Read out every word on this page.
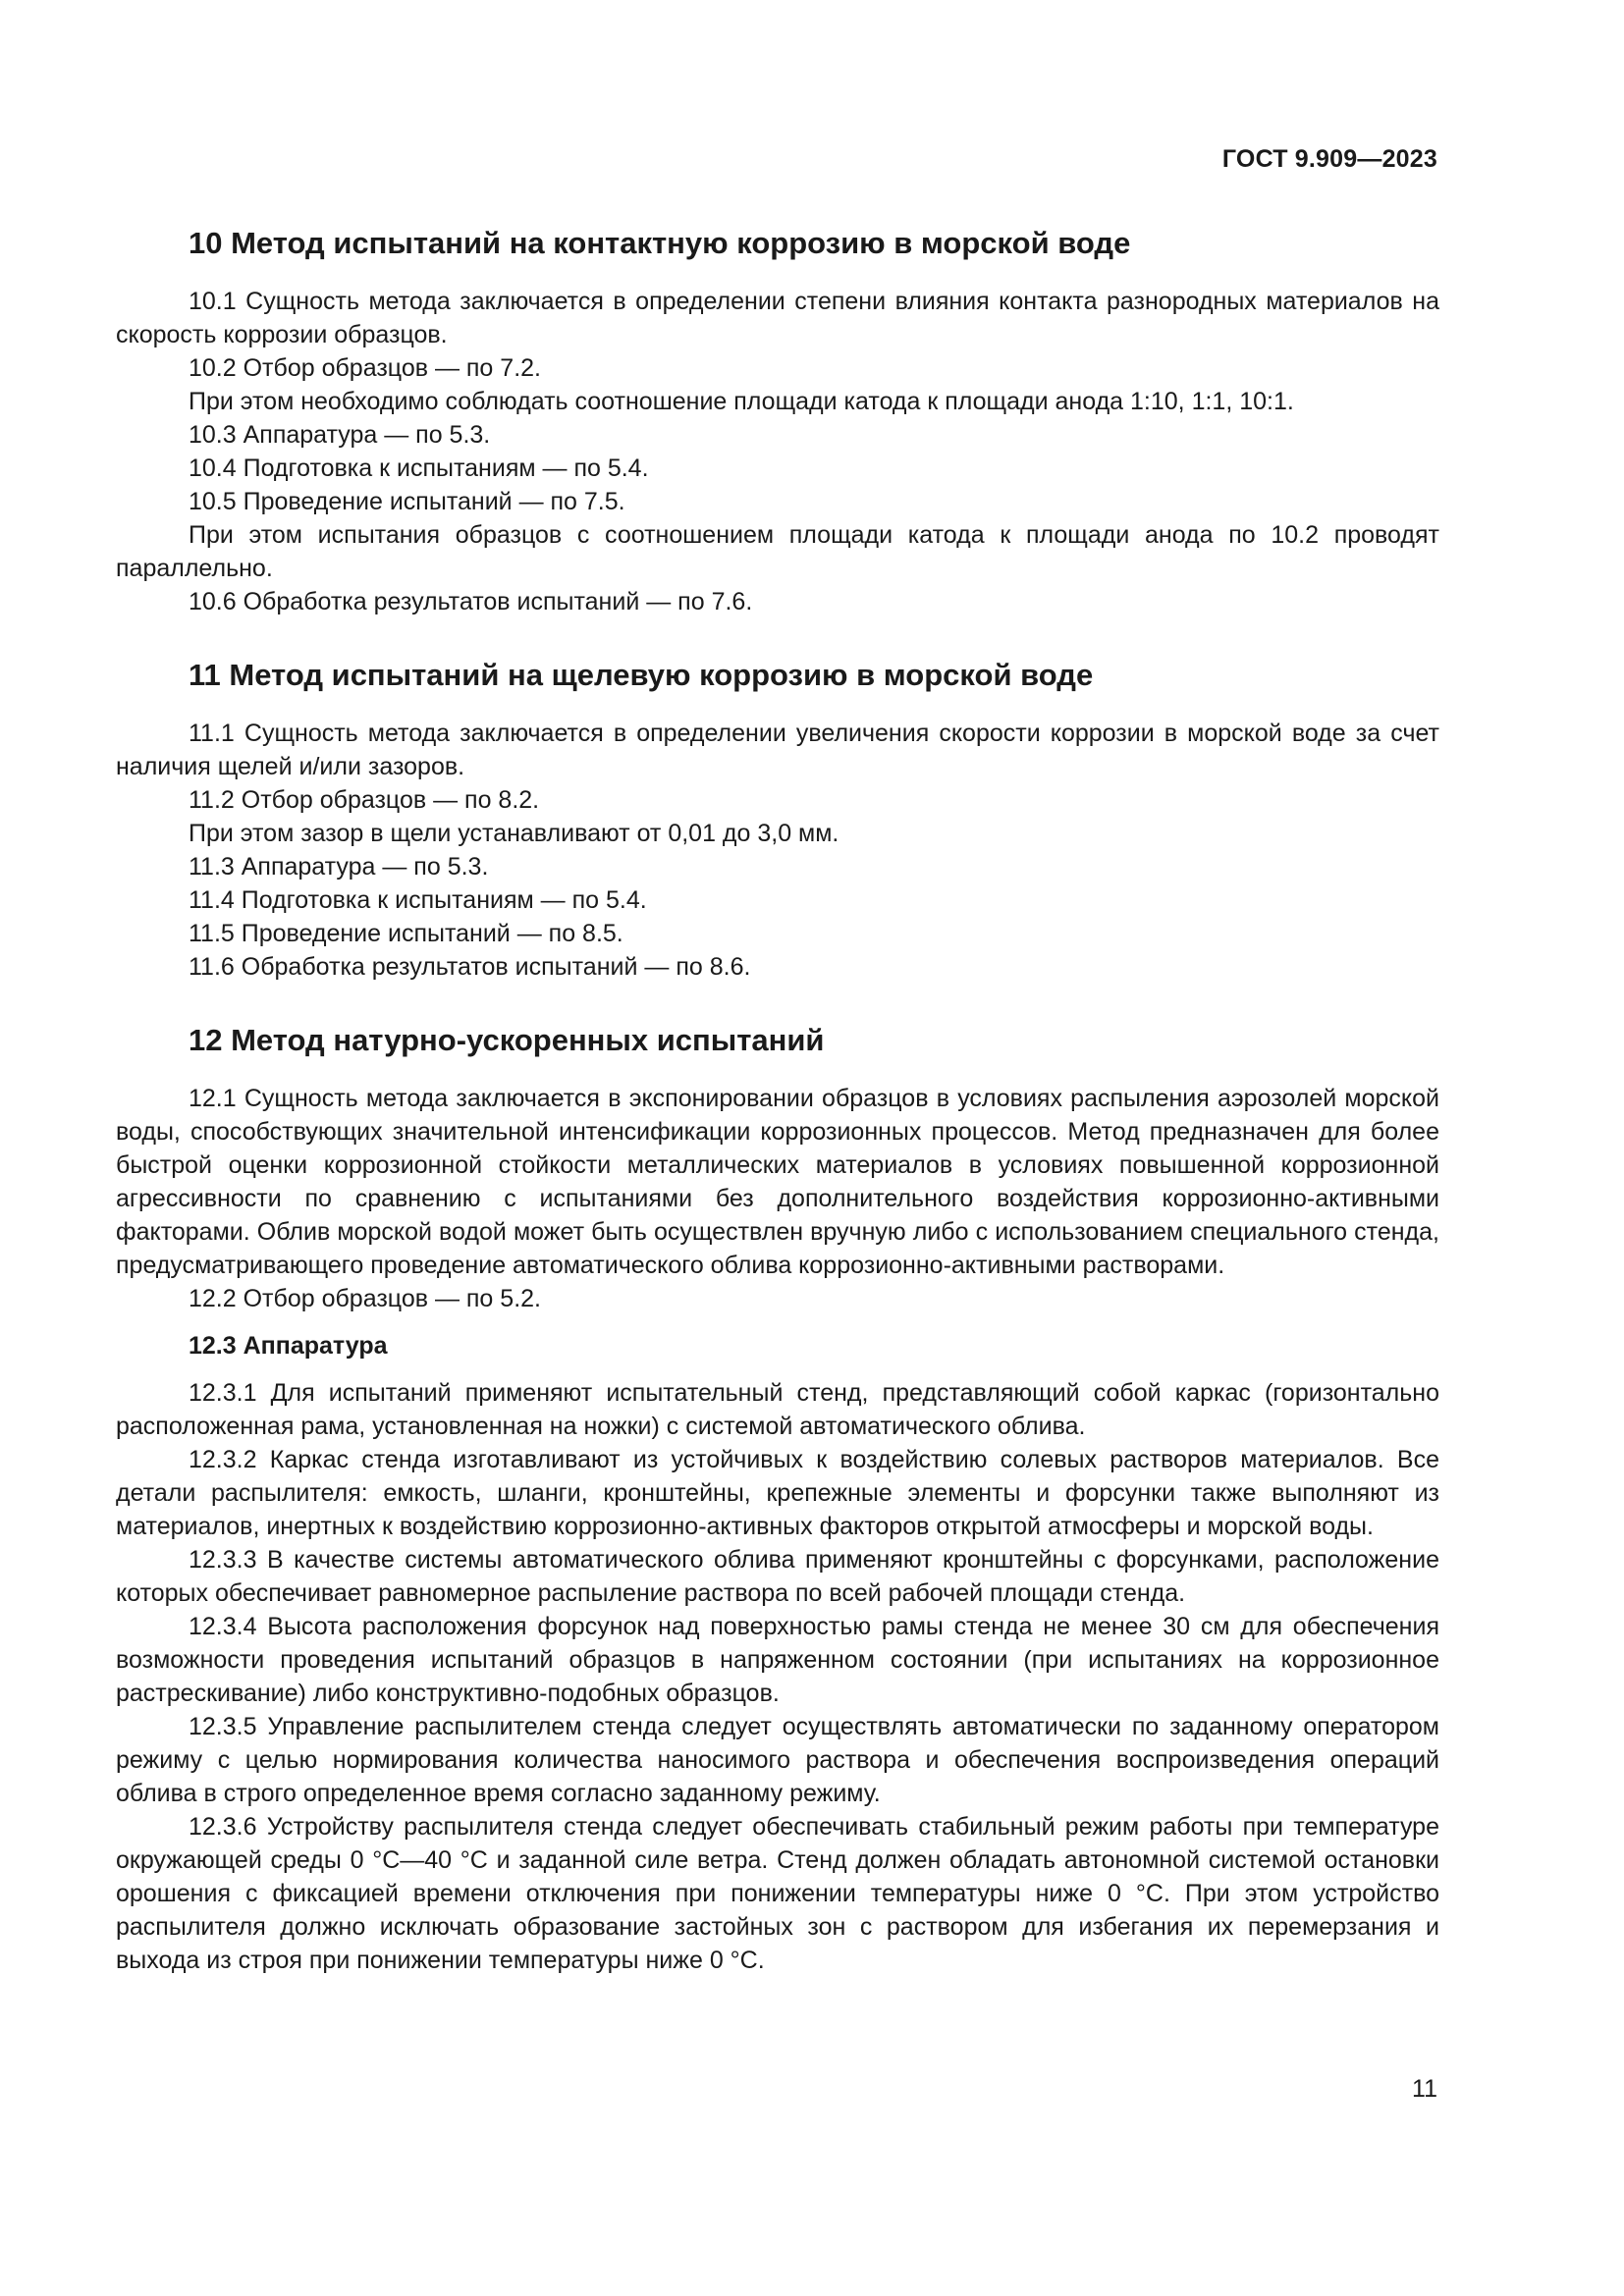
ГОСТ 9.909—2023
10 Метод испытаний на контактную коррозию в морской воде

10.1 Сущность метода заключается в определении степени влияния контакта разнородных материалов на скорость коррозии образцов.

10.2 Отбор образцов — по 7.2.

При этом необходимо соблюдать соотношение площади катода к площади анода 1:10, 1:1, 10:1.

10.3 Аппаратура — по 5.3.

10.4 Подготовка к испытаниям — по 5.4.

10.5 Проведение испытаний — по 7.5.

При этом испытания образцов с соотношением площади катода к площади анода по 10.2 проводят параллельно.

10.6 Обработка результатов испытаний — по 7.6.

11 Метод испытаний на щелевую коррозию в морской воде

11.1 Сущность метода заключается в определении увеличения скорости коррозии в морской воде за счет наличия щелей и/или зазоров.

11.2 Отбор образцов — по 8.2.

При этом зазор в щели устанавливают от 0,01 до 3,0 мм.

11.3 Аппаратура — по 5.3.

11.4 Подготовка к испытаниям — по 5.4.

11.5 Проведение испытаний — по 8.5.

11.6 Обработка результатов испытаний — по 8.6.

12 Метод натурно-ускоренных испытаний

12.1 Сущность метода заключается в экспонировании образцов в условиях распыления аэрозолей морской воды, способствующих значительной интенсификации коррозионных процессов. Метод предназначен для более быстрой оценки коррозионной стойкости металлических материалов в условиях повышенной коррозионной агрессивности по сравнению с испытаниями без дополнительного воздействия коррозионно-активными факторами. Облив морской водой может быть осуществлен вручную либо с использованием специального стенда, предусматривающего проведение автоматического облива коррозионно-активными растворами.

12.2 Отбор образцов — по 5.2.

12.3 Аппаратура

12.3.1 Для испытаний применяют испытательный стенд, представляющий собой каркас (горизонтально расположенная рама, установленная на ножки) с системой автоматического облива.

12.3.2 Каркас стенда изготавливают из устойчивых к воздействию солевых растворов материалов. Все детали распылителя: емкость, шланги, кронштейны, крепежные элементы и форсунки также выполняют из материалов, инертных к воздействию коррозионно-активных факторов открытой атмосферы и морской воды.

12.3.3 В качестве системы автоматического облива применяют кронштейны с форсунками, расположение которых обеспечивает равномерное распыление раствора по всей рабочей площади стенда.

12.3.4 Высота расположения форсунок над поверхностью рамы стенда не менее 30 см для обеспечения возможности проведения испытаний образцов в напряженном состоянии (при испытаниях на коррозионное растрескивание) либо конструктивно-подобных образцов.

12.3.5 Управление распылителем стенда следует осуществлять автоматически по заданному оператором режиму с целью нормирования количества наносимого раствора и обеспечения воспроизведения операций облива в строго определенное время согласно заданному режиму.

12.3.6 Устройству распылителя стенда следует обеспечивать стабильный режим работы при температуре окружающей среды 0 °С—40 °С и заданной силе ветра. Стенд должен обладать автономной системой остановки орошения с фиксацией времени отключения при понижении температуры ниже 0 °С. При этом устройство распылителя должно исключать образование застойных зон с раствором для избегания их перемерзания и выхода из строя при понижении температуры ниже 0 °С.

11
